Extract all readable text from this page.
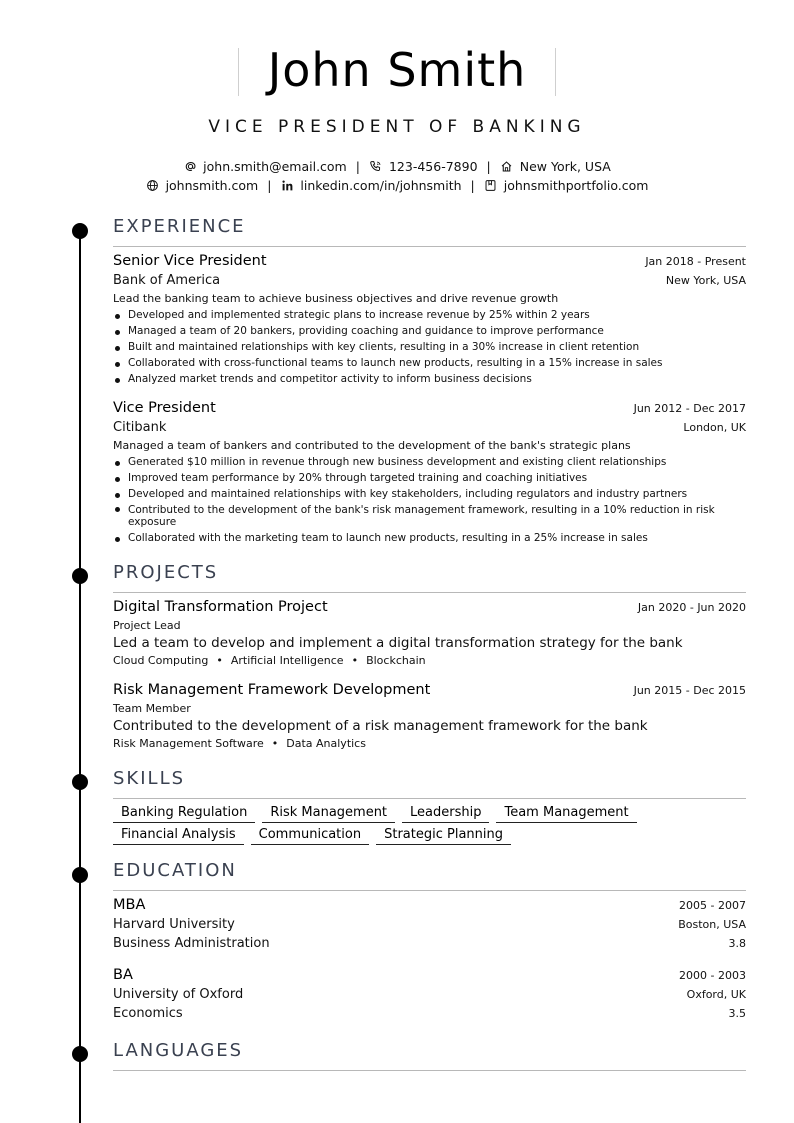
John Smith
VICE PRESIDENT OF BANKING
john.smith@email.com | 123-456-7890 | New York, USA
johnsmith.com | linkedin.com/in/johnsmith | johnsmithportfolio.com
EXPERIENCE
Senior Vice President	Jan 2018 - Present
Bank of America	New York, USA
Lead the banking team to achieve business objectives and drive revenue growth
Developed and implemented strategic plans to increase revenue by 25% within 2 years
Managed a team of 20 bankers, providing coaching and guidance to improve performance
Built and maintained relationships with key clients, resulting in a 30% increase in client retention
Collaborated with cross-functional teams to launch new products, resulting in a 15% increase in sales
Analyzed market trends and competitor activity to inform business decisions
Vice President	Jun 2012 - Dec 2017
Citibank	London, UK
Managed a team of bankers and contributed to the development of the bank's strategic plans
Generated $10 million in revenue through new business development and existing client relationships
Improved team performance by 20% through targeted training and coaching initiatives
Developed and maintained relationships with key stakeholders, including regulators and industry partners
Contributed to the development of the bank's risk management framework, resulting in a 10% reduction in risk exposure
Collaborated with the marketing team to launch new products, resulting in a 25% increase in sales
PROJECTS
Digital Transformation Project	Jan 2020 - Jun 2020
Project Lead
Led a team to develop and implement a digital transformation strategy for the bank
Cloud Computing • Artificial Intelligence • Blockchain
Risk Management Framework Development	Jun 2015 - Dec 2015
Team Member
Contributed to the development of a risk management framework for the bank
Risk Management Software • Data Analytics
SKILLS
Banking Regulation	Risk Management	Leadership	Team Management
Financial Analysis	Communication	Strategic Planning
EDUCATION
MBA	2005 - 2007
Harvard University	Boston, USA
Business Administration	3.8
BA	2000 - 2003
University of Oxford	Oxford, UK
Economics	3.5
LANGUAGES
